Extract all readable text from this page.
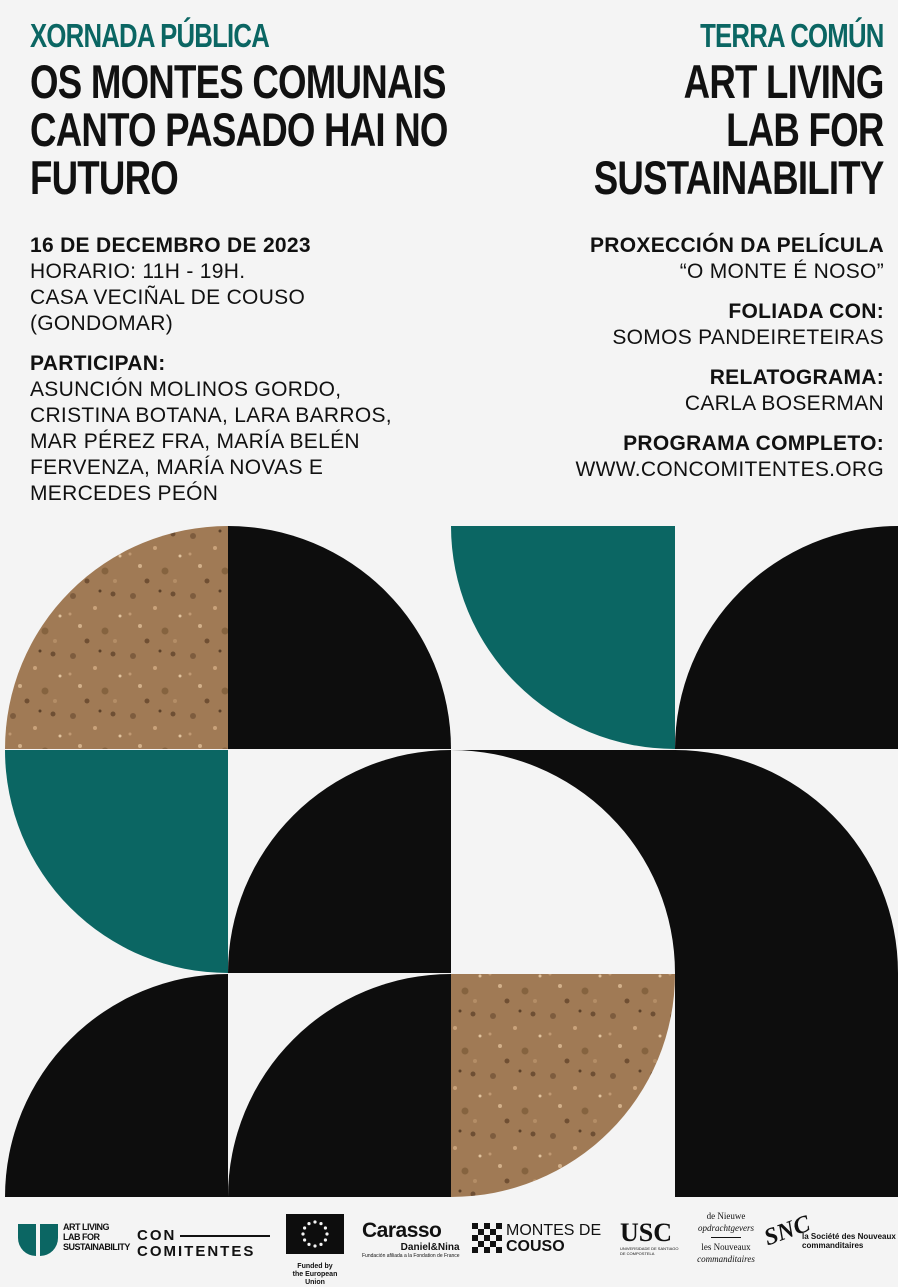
XORNADA PÚBLICA
OS MONTES COMUNAIS
CANTO PASADO HAI NO
FUTURO
TERRA COMÚN
ART LIVING
LAB FOR
SUSTAINABILITY
16 DE DECEMBRO DE 2023
HORARIO: 11H - 19H.
CASA VECIÑAL DE COUSO
(GONDOMAR)
PARTICIPAN:
ASUNCIÓN MOLINOS GORDO,
CRISTINA BOTANA, LARA BARROS,
MAR PÉREZ FRA, MARÍA BELÉN
FERVENZA, MARÍA NOVAS E
MERCEDES PEÓN
PROXECCIÓN DA PELÍCULA
“O MONTE É NOSO”
FOLIADA CON:
SOMOS PANDEIRETEIRAS
RELATOGRAMA:
CARLA BOSERMAN
PROGRAMA COMPLETO:
WWW.CONCOMITENTES.ORG
ART LIVING
LAB FOR
SUSTAINABILITY
CON
COMITENTES
Funded by
the European Union
Carasso
Daniel&Nina
Fundación afiliada a la Fondation de France
MONTES DE
COUSO USC
UNIVERSIDADE DE SANTIAGO DE COMPOSTELA
de Nieuwe
opdrachtgevers
les Nouveaux
commanditaires
SNC
la Société des Nouveaux
commanditaires
